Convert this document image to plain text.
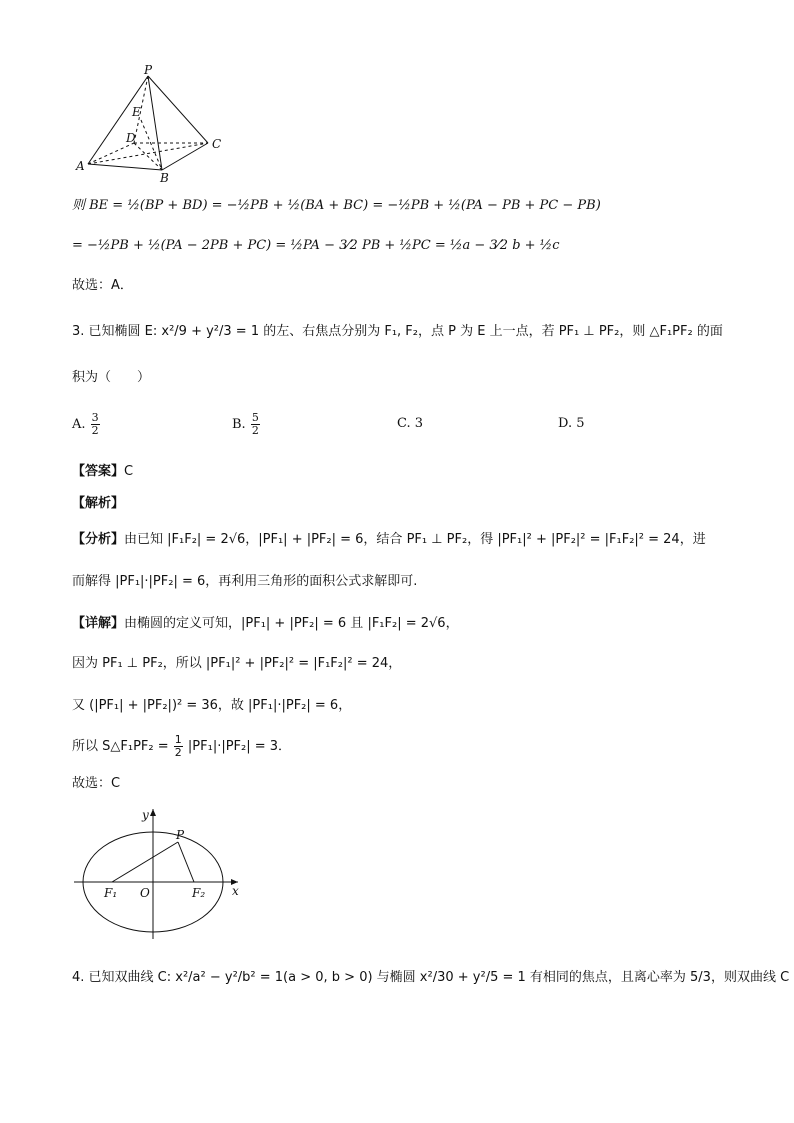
P
E
D	C
A
B
则 BE = ½(BP + BD) = −½PB + ½(BA + BC) = −½PB + ½(PA − PB + PC − PB)
= −½PB + ½(PA − 2PB + PC) = ½PA − 3⁄2 PB + ½PC = ½a − 3⁄2 b + ½c
故选：A．
3. 已知椭圆 E: x²/9 + y²/3 = 1 的左、右焦点分别为 F₁, F₂，点 P 为 E 上一点，若 PF₁ ⊥ PF₂，则 △F₁PF₂ 的面
积为（　　）
A. $\frac{3}{2}$	B. $\frac{5}{2}$	C. 3	D. 5
【答案】C
【解析】
【分析】由已知 |F₁F₂| = 2√6，|PF₁| + |PF₂| = 6，结合 PF₁ ⊥ PF₂，得 |PF₁|² + |PF₂|² = |F₁F₂|² = 24，进
而解得 |PF₁|·|PF₂| = 6，再利用三角形的面积公式求解即可.
【详解】由椭圆的定义可知，|PF₁| + |PF₂| = 6 且 |F₁F₂| = 2√6，
因为 PF₁ ⊥ PF₂，所以 |PF₁|² + |PF₂|² = |F₁F₂|² = 24，
又 (|PF₁| + |PF₂|)² = 36，故 |PF₁|·|PF₂| = 6，
所以 S△F₁PF₂ = $\frac{1}{2} |PF_1|\cdot|PF_2| = 3$．
故选：C
y
P
O
F₁	F₂ x
4. 已知双曲线 C: x²/a² − y²/b² = 1(a > 0, b > 0) 与椭圆 x²/30 + y²/5 = 1 有相同的焦点，且离心率为 5/3，则双曲线 C
